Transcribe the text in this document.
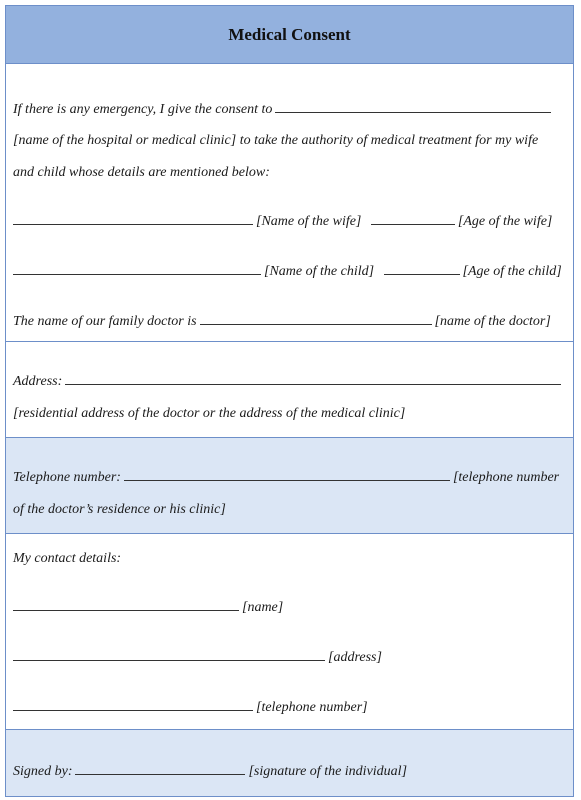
Medical Consent
If there is any emergency, I give the consent to
[name of the hospital or medical clinic] to take the authority of medical treatment for my wife
and child whose details are mentioned below:
[Name of the wife]	[Age of the wife]
[Name of the child]	[Age of the child]
The name of our family doctor is	[name of the doctor]
Address:
[residential address of the doctor or the address of the medical clinic]
Telephone number:	[telephone number
of the doctor’s residence or his clinic]
My contact details:
[name]
[address]
[telephone number]
Signed by:	[signature of the individual]
